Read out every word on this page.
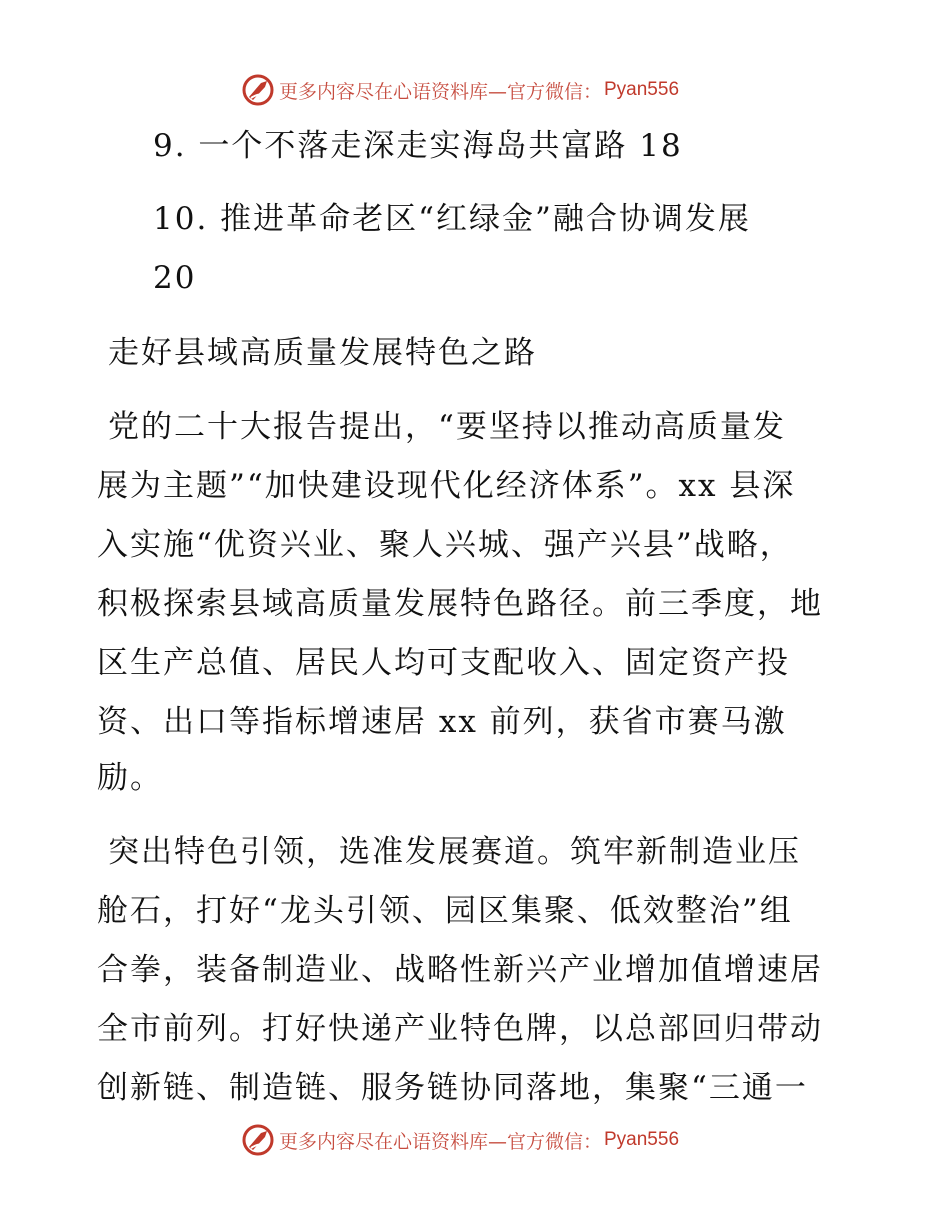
更多内容尽在心语资料库—官方微信： Pyan556
9. 一个不落走深走实海岛共富路 18
10. 推进革命老区“红绿金”融合协调发展
20
走好县域高质量发展特色之路
党的二十大报告提出，“要坚持以推动高质量发
展为主题”“加快建设现代化经济体系”。xx 县深
入实施“优资兴业、聚人兴城、强产兴县”战略，
积极探索县域高质量发展特色路径。前三季度，地
区生产总值、居民人均可支配收入、固定资产投
资、出口等指标增速居 xx 前列，获省市赛马激
励。
突出特色引领，选准发展赛道。筑牢新制造业压
舱石，打好“龙头引领、园区集聚、低效整治”组
合拳，装备制造业、战略性新兴产业增加值增速居
全市前列。打好快递产业特色牌，以总部回归带动
创新链、制造链、服务链协同落地，集聚“三通一
更多内容尽在心语资料库—官方微信： Pyan556
